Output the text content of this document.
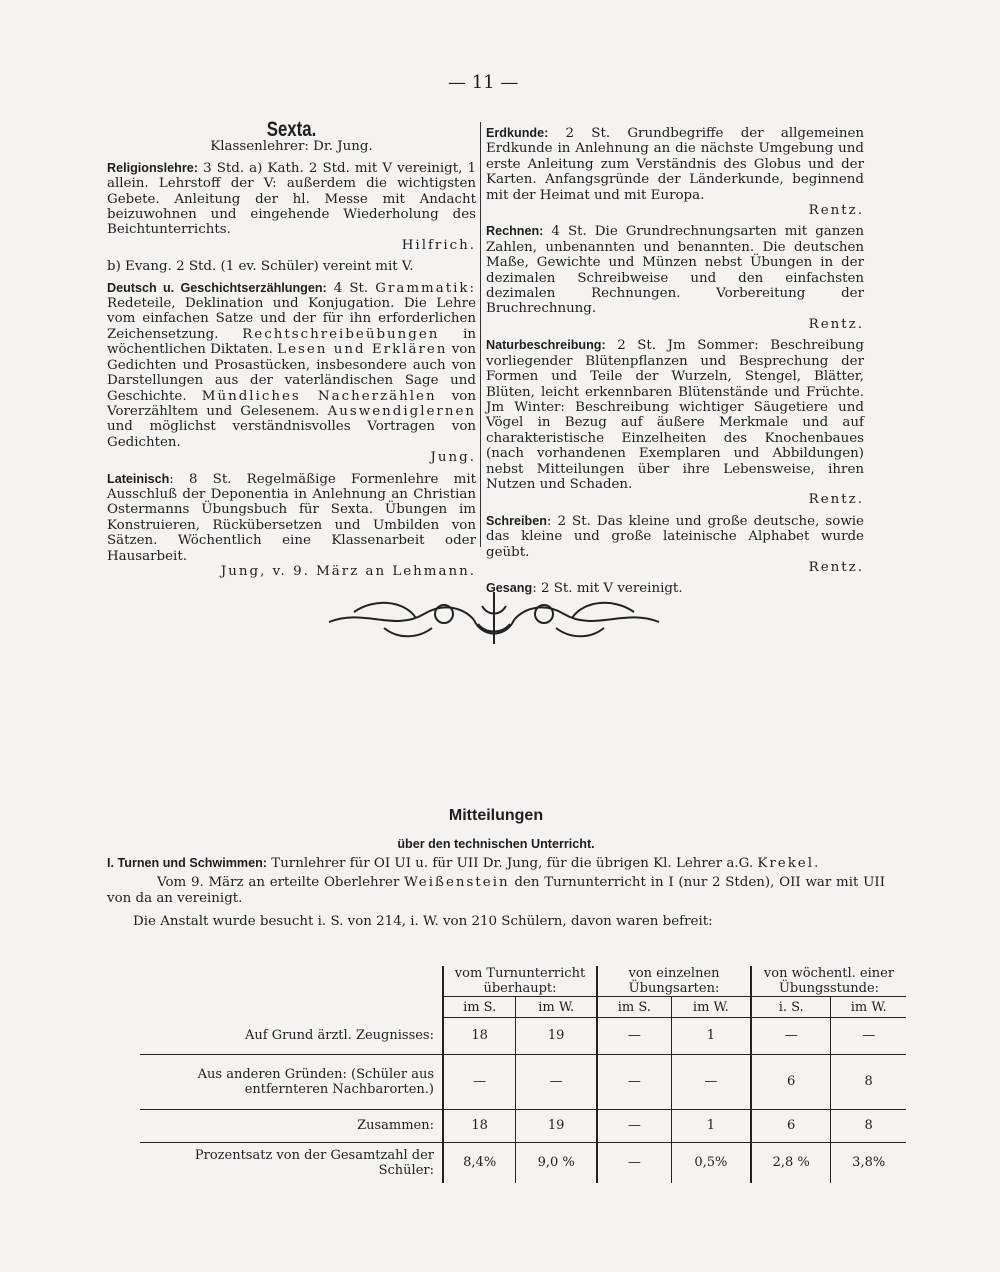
— 11 —
Sexta.
Klassenlehrer: Dr. Jung.
Religionslehre: 3 Std. a) Kath. 2 Std. mit V vereinigt, 1 allein. Lehrstoff der V: außerdem die wichtigsten Gebete. Anleitung der hl. Messe mit Andacht beizuwohnen und eingehende Wiederholung des Beichtunterrichts.
Hilfrich.
b) Evang. 2 Std. (1 ev. Schüler) vereint mit V.
Deutsch u. Geschichtserzählungen: 4 St. Grammatik: Redeteile, Deklination und Konjugation. Die Lehre vom einfachen Satze und der für ihn erforderlichen Zeichensetzung. Rechtschreibeübungen in wöchentlichen Diktaten. Lesen und Erklären von Gedichten und Prosastücken, insbesondere auch von Darstellungen aus der vaterländischen Sage und Geschichte. Mündliches Nacherzählen von Vorerzähltem und Gelesenem. Auswendiglernen und möglichst verständnisvolles Vortragen von Gedichten.
Jung.
Lateinisch: 8 St. Regelmäßige Formenlehre mit Ausschluß der Deponentia in Anlehnung an Christian Ostermanns Übungsbuch für Sexta. Übungen im Konstruieren, Rückübersetzen und Umbilden von Sätzen. Wöchentlich eine Klassenarbeit oder Hausarbeit.
Jung, v. 9. März an Lehmann.
Erdkunde: 2 St. Grundbegriffe der allgemeinen Erdkunde in Anlehnung an die nächste Umgebung und erste Anleitung zum Verständnis des Globus und der Karten. Anfangsgründe der Länderkunde, beginnend mit der Heimat und mit Europa.
Rentz.
Rechnen: 4 St. Die Grundrechnungsarten mit ganzen Zahlen, unbenannten und benannten. Die deutschen Maße, Gewichte und Münzen nebst Übungen in der dezimalen Schreibweise und den einfachsten dezimalen Rechnungen. Vorbereitung der Bruchrechnung.
Rentz.
Naturbeschreibung: 2 St. Jm Sommer: Beschreibung vorliegender Blütenpflanzen und Besprechung der Formen und Teile der Wurzeln, Stengel, Blätter, Blüten, leicht erkennbaren Blütenstände und Früchte. Jm Winter: Beschreibung wichtiger Säugetiere und Vögel in Bezug auf äußere Merkmale und auf charakteristische Einzelheiten des Knochenbaues (nach vorhandenen Exemplaren und Abbildungen) nebst Mitteilungen über ihre Lebensweise, ihren Nutzen und Schaden.
Rentz.
Schreiben: 2 St. Das kleine und große deutsche, sowie das kleine und große lateinische Alphabet wurde geübt.
Rentz.
Gesang: 2 St. mit V vereinigt.
Mitteilungen
über den technischen Unterricht.
I. Turnen und Schwimmen: Turnlehrer für OI UI u. für UII Dr. Jung, für die übrigen Kl. Lehrer a.G. Krekel.
Vom 9. März an erteilte Oberlehrer Weißenstein den Turnunterricht in I (nur 2 Stden), OII war mit UII von da an vereinigt.
Die Anstalt wurde besucht i. S. von 214, i. W. von 210 Schülern, davon waren befreit:
	vom Turnunterricht überhaupt:		von einzelnen Übungsarten:		von wöchentl. einer Übungsstunde:	
	im S.	im W.	im S.	im W.	i. S.	im W.
Auf Grund ärztl. Zeugnisses:	18	19	—	1	—	—
Aus anderen Gründen: (Schüler aus entfernteren Nachbarorten.)	—	—	—	—	6	8
Zusammen:	18	19	—	1	6	8
Prozentsatz von der Gesamtzahl der Schüler:	8,4%	9,0 %	—	0,5%	2,8 %	3,8%
